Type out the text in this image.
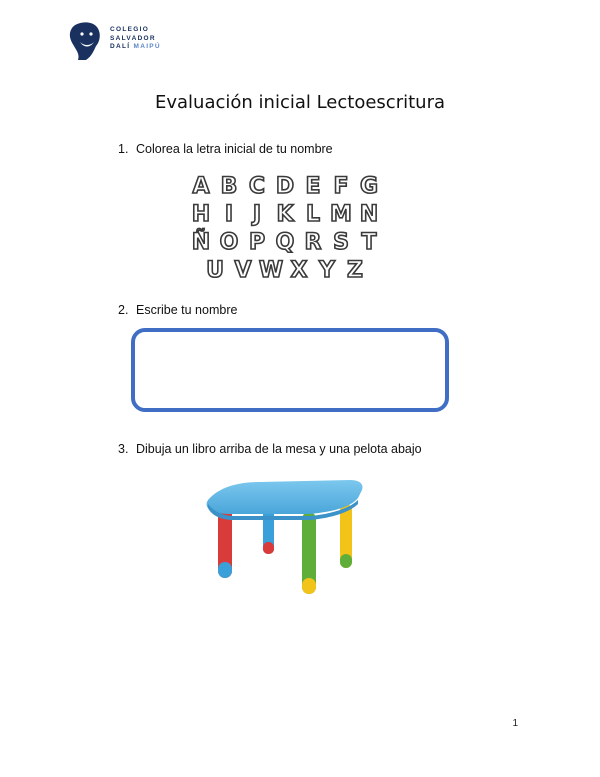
COLEGIO
SALVADOR
DALÍ MAIPÚ
Evaluación inicial Lectoescritura
1. Colorea la letra inicial de tu nombre
A B C D E F G
H I J K L M N
Ñ O P Q R S T
U V W X Y Z
2. Escribe tu nombre
3. Dibuja un libro arriba de la mesa y una pelota abajo
1
